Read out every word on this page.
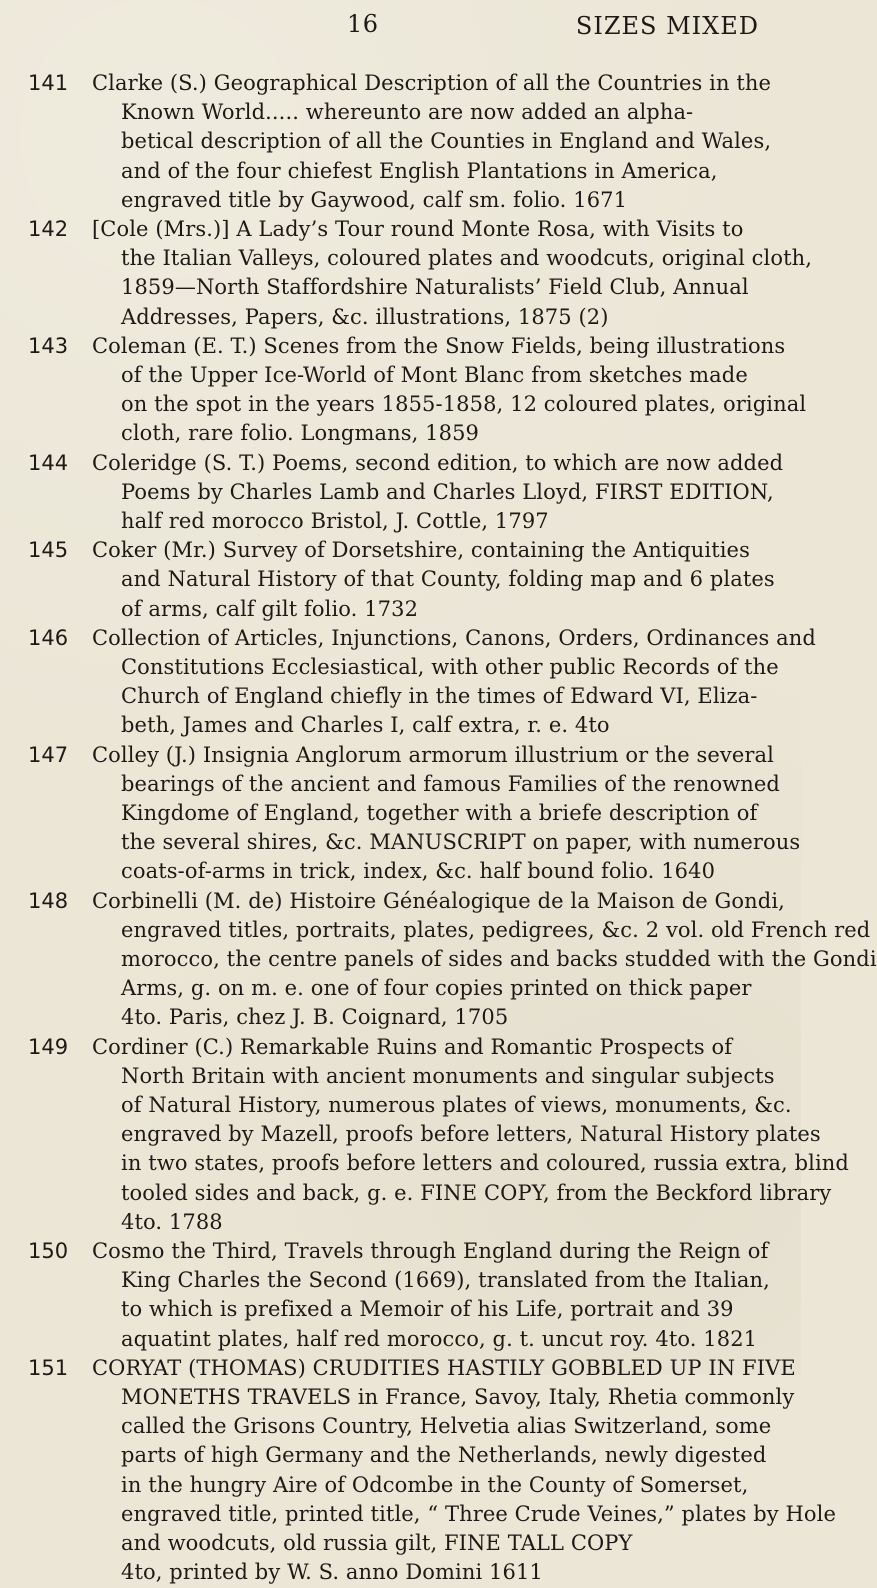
16	SIZES MIXED
141 Clarke (S.) Geographical Description of all the Countries in the
Known World..... whereunto are now added an alpha-
betical description of all the Counties in England and Wales,
and of the four chiefest English Plantations in America,
engraved title by Gaywood, calf sm. folio. 1671
142 [Cole (Mrs.)] A Lady’s Tour round Monte Rosa, with Visits to
the Italian Valleys, coloured plates and woodcuts, original cloth,
1859—North Staffordshire Naturalists’ Field Club, Annual
Addresses, Papers, &c. illustrations, 1875 (2)
143 Coleman (E. T.) Scenes from the Snow Fields, being illustrations
of the Upper Ice-World of Mont Blanc from sketches made
on the spot in the years 1855-1858, 12 coloured plates, original
cloth, rare folio. Longmans, 1859
144 Coleridge (S. T.) Poems, second edition, to which are now added
Poems by Charles Lamb and Charles Lloyd, FIRST EDITION,
half red morocco Bristol, J. Cottle, 1797
145 Coker (Mr.) Survey of Dorsetshire, containing the Antiquities
and Natural History of that County, folding map and 6 plates
of arms, calf gilt folio. 1732
146 Collection of Articles, Injunctions, Canons, Orders, Ordinances and
Constitutions Ecclesiastical, with other public Records of the
Church of England chiefly in the times of Edward VI, Eliza-
beth, James and Charles I, calf extra, r. e. 4to
147 Colley (J.) Insignia Anglorum armorum illustrium or the several
bearings of the ancient and famous Families of the renowned
Kingdome of England, together with a briefe description of
the several shires, &c. MANUSCRIPT on paper, with numerous
coats-of-arms in trick, index, &c. half bound folio. 1640
148 Corbinelli (M. de) Histoire Généalogique de la Maison de Gondi,
engraved titles, portraits, plates, pedigrees, &c. 2 vol. old French red
morocco, the centre panels of sides and backs studded with the Gondi
Arms, g. on m. e. one of four copies printed on thick paper
4to. Paris, chez J. B. Coignard, 1705
149 Cordiner (C.) Remarkable Ruins and Romantic Prospects of
North Britain with ancient monuments and singular subjects
of Natural History, numerous plates of views, monuments, &c.
engraved by Mazell, proofs before letters, Natural History plates
in two states, proofs before letters and coloured, russia extra, blind
tooled sides and back, g. e. FINE COPY, from the Beckford library
4to. 1788
150 Cosmo the Third, Travels through England during the Reign of
King Charles the Second (1669), translated from the Italian,
to which is prefixed a Memoir of his Life, portrait and 39
aquatint plates, half red morocco, g. t. uncut roy. 4to. 1821
151 CORYAT (THOMAS) CRUDITIES HASTILY GOBBLED UP IN FIVE
MONETHS TRAVELS in France, Savoy, Italy, Rhetia commonly
called the Grisons Country, Helvetia alias Switzerland, some
parts of high Germany and the Netherlands, newly digested
in the hungry Aire of Odcombe in the County of Somerset,
engraved title, printed title, “ Three Crude Veines,” plates by Hole
and woodcuts, old russia gilt, FINE TALL COPY
4to, printed by W. S. anno Domini 1611
